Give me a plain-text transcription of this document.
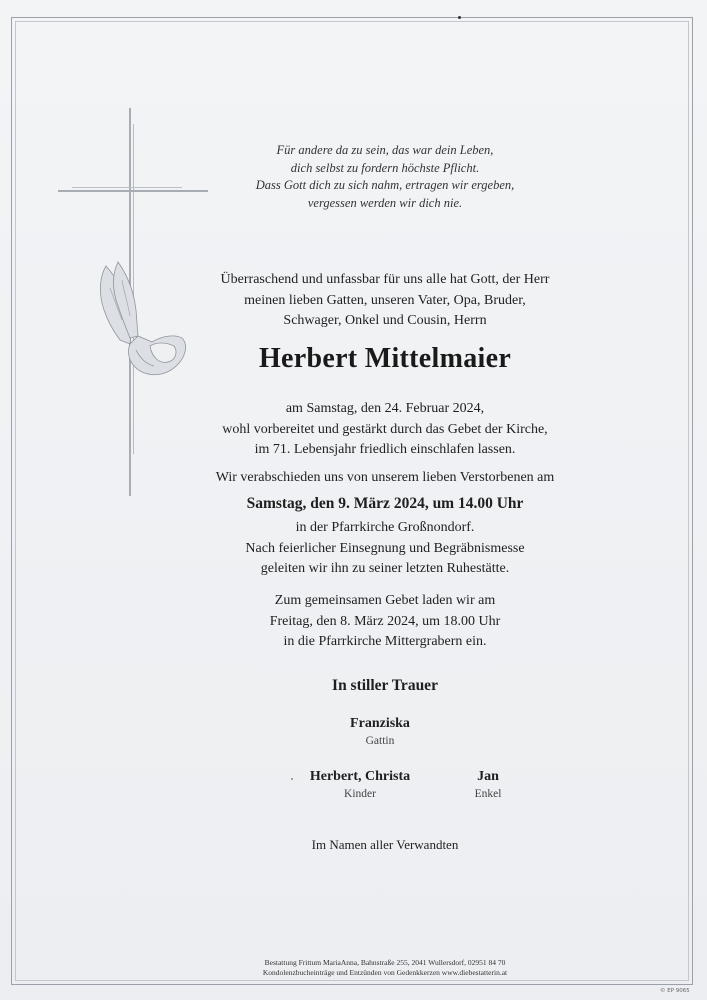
Für andere da zu sein, das war dein Leben,
dich selbst zu fordern höchste Pflicht.
Dass Gott dich zu sich nahm, ertragen wir ergeben,
vergessen werden wir dich nie.
Überraschend und unfassbar für uns alle hat Gott, der Herr
meinen lieben Gatten, unseren Vater, Opa, Bruder,
Schwager, Onkel und Cousin, Herrn
Herbert Mittelmaier
am Samstag, den 24. Februar 2024,
wohl vorbereitet und gestärkt durch das Gebet der Kirche,
im 71. Lebensjahr friedlich einschlafen lassen.
Wir verabschieden uns von unserem lieben Verstorbenen am
Samstag, den 9. März 2024, um 14.00 Uhr
in der Pfarrkirche Großnondorf.
Nach feierlicher Einsegnung und Begräbnismesse
geleiten wir ihn zu seiner letzten Ruhestätte.
Zum gemeinsamen Gebet laden wir am
Freitag, den 8. März 2024, um 18.00 Uhr
in die Pfarrkirche Mittergrabern ein.
In stiller Trauer
Franziska
Gattin
Herbert, Christa
Kinder
Jan
Enkel
Im Namen aller Verwandten
Bestattung Frittum MariaAnna, Bahnstraße 255, 2041 Wullersdorf, 02951 84 70
Kondolenzbucheinträge und Entzünden von Gedenkkerzen www.diebestatterin.at
© EP 9065
